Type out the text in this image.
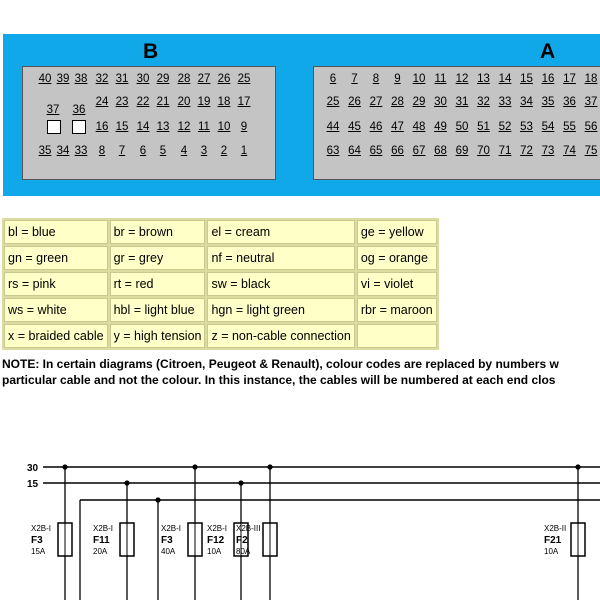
B	A
40 39 38 32 31 30 29 28 27 26 25
37 36
24 23 22 21 20 19 18 17
16 15 14 13 12 11 10 9
35 34 33 8	7	6	5	4	3	2	1
6	7	8	9	10 11 12 13 14 15 16 17 18
25 26 27 28 29 30 31 32 33 34 35 36 37
44 45 46 47 48 49 50 51 52 53 54 55 56
63 64 65 66 67 68 69 70 71 72 73 74 75
bl = blue	br = brown	el = cream	ge = yellow
gn = green	gr = grey	nf = neutral	og = orange
rs = pink	rt = red	sw = black	vi = violet
ws = white	hbl = light blue	hgn = light green	rbr = maroon
x = braided cable	y = high tension	z = non-cable connection	
NOTE: In certain diagrams (Citroen, Peugeot & Renault), colour codes are replaced by numbers w
particular cable and not the colour. In this instance, the cables will be numbered at each end clos
30
15
X2B-I
F3
15A
X2B-I
F11
20A
X2B-I
F3
40A
X2B-I
F12
10A
X2B-III
F2
80A
X2B-II
F21
10A
